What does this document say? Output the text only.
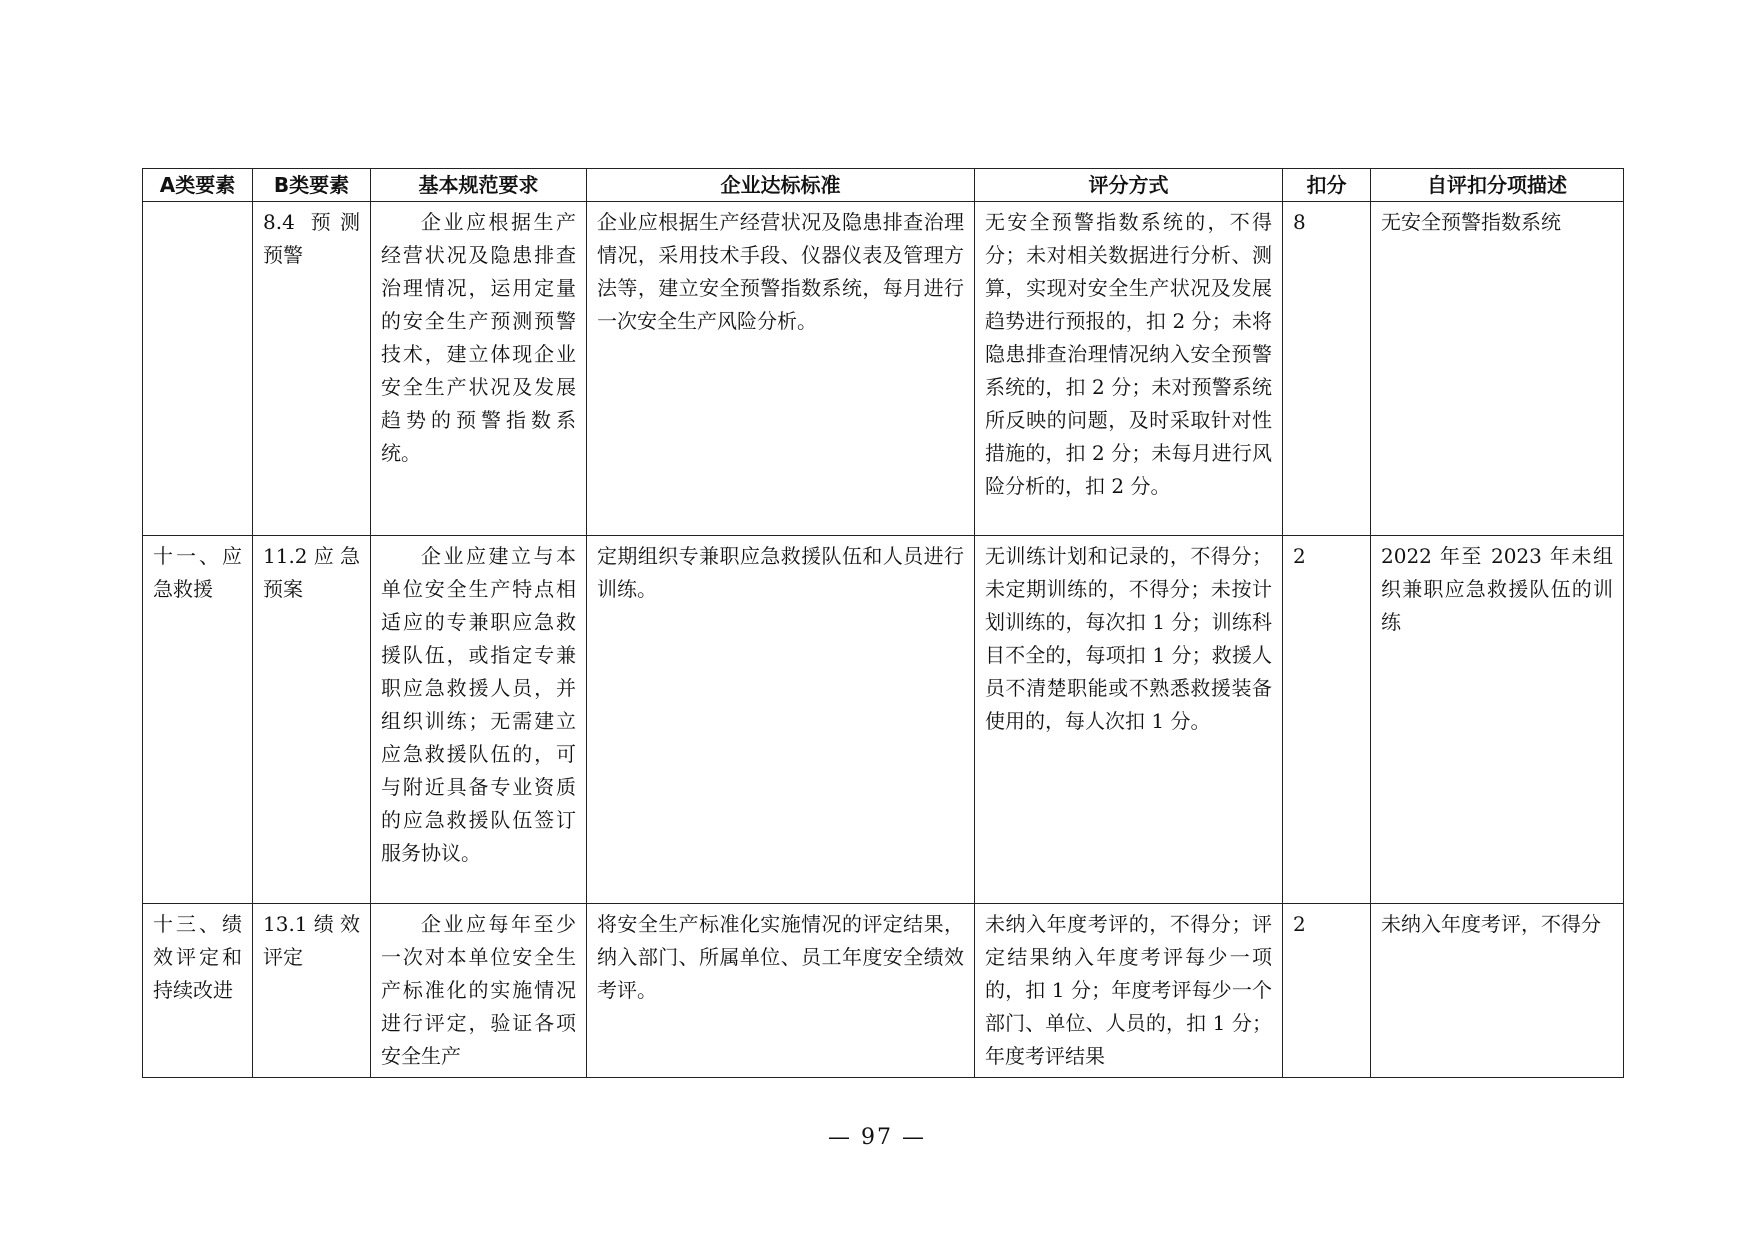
A类要素	B类要素	基本规范要求	企业达标标准	评分方式	扣分	自评扣分项描述
	8.4 预测预警	企业应根据生产经营状况及隐患排查治理情况，运用定量的安全生产预测预警技术，建立体现企业安全生产状况及发展趋势的预警指数系统。	企业应根据生产经营状况及隐患排查治理情况，采用技术手段、仪器仪表及管理方法等，建立安全预警指数系统，每月进行一次安全生产风险分析。	无安全预警指数系统的，不得分；未对相关数据进行分析、测算，实现对安全生产状况及发展趋势进行预报的，扣 2 分；未将隐患排查治理情况纳入安全预警系统的，扣 2 分；未对预警系统所反映的问题，及时采取针对性措施的，扣 2 分；未每月进行风险分析的，扣 2 分。	8	无安全预警指数系统
十一、应急救援	11.2应急预案	企业应建立与本单位安全生产特点相适应的专兼职应急救援队伍，或指定专兼职应急救援人员，并组织训练；无需建立应急救援队伍的，可与附近具备专业资质的应急救援队伍签订服务协议。	定期组织专兼职应急救援队伍和人员进行训练。	无训练计划和记录的，不得分；未定期训练的，不得分；未按计划训练的，每次扣 1 分；训练科目不全的，每项扣 1 分；救援人员不清楚职能或不熟悉救援装备使用的，每人次扣 1 分。	2	2022 年至 2023 年未组织兼职应急救援队伍的训练
十三、绩效评定和持续改进	13.1绩效评定	企业应每年至少一次对本单位安全生产标准化的实施情况进行评定，验证各项安全生产	将安全生产标准化实施情况的评定结果，纳入部门、所属单位、员工年度安全绩效考评。	未纳入年度考评的，不得分；评定结果纳入年度考评每少一项的，扣 1 分；年度考评每少一个部门、单位、人员的，扣 1 分；年度考评结果	2	未纳入年度考评，不得分
— 97 —
